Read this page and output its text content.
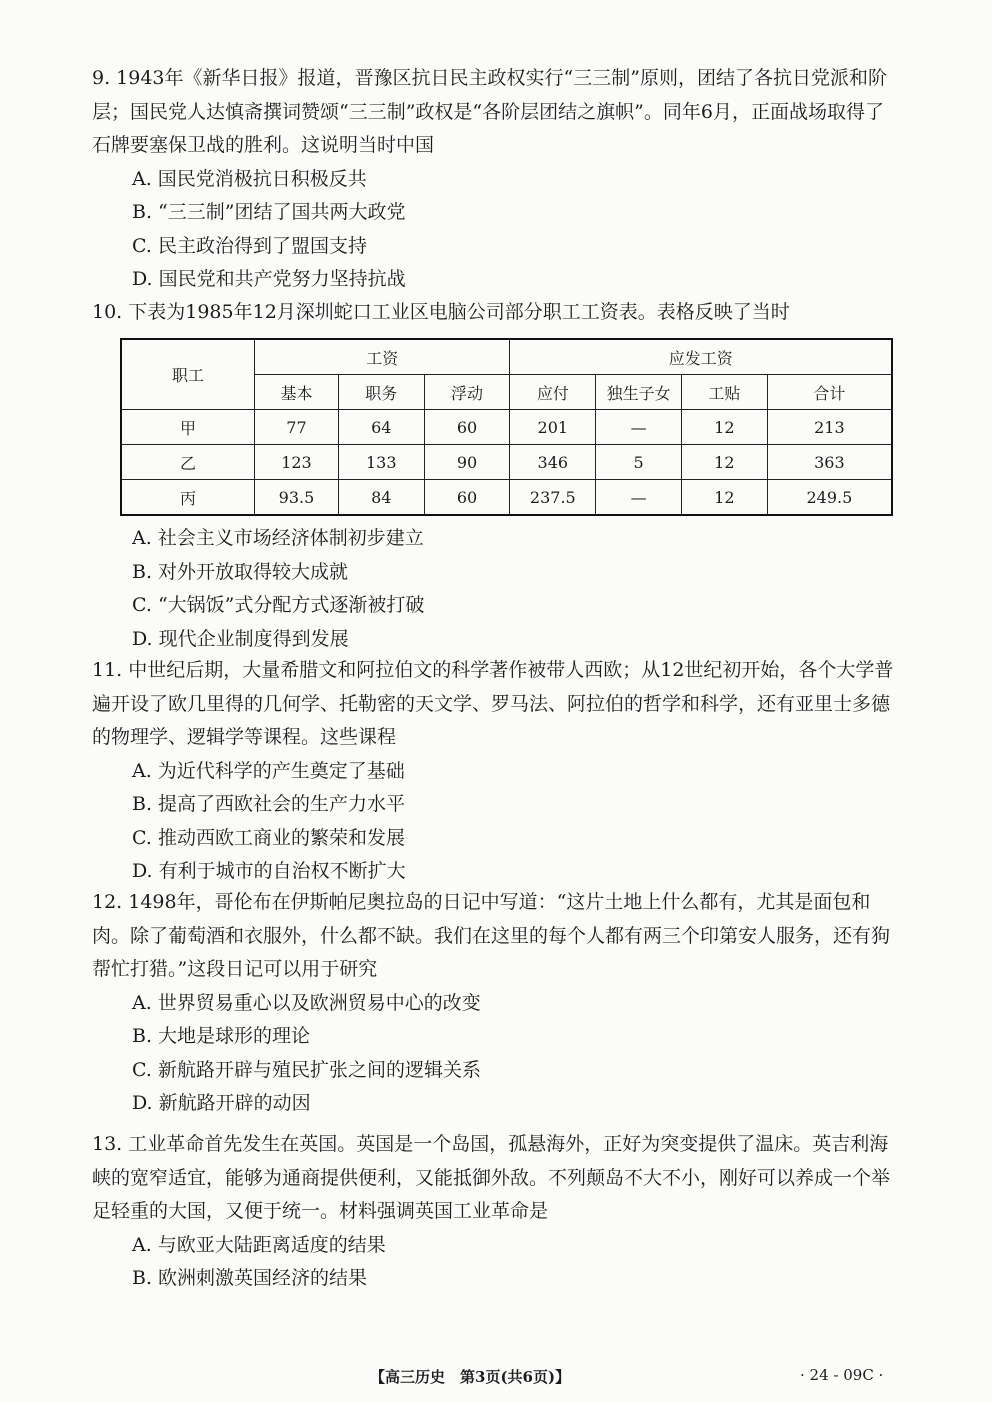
9. 1943年《新华日报》报道，晋豫区抗日民主政权实行“三三制”原则，团结了各抗日党派和阶层；国民党人达慎斋撰词赞颂“三三制”政权是“各阶层团结之旗帜”。同年6月，正面战场取得了石牌要塞保卫战的胜利。这说明当时中国

A. 国民党消极抗日积极反共

B. “三三制”团结了国共两大政党

C. 民主政治得到了盟国支持

D. 国民党和共产党努力坚持抗战

10. 下表为1985年12月深圳蛇口工业区电脑公司部分职工工资表。表格反映了当时

职工	工资			应发工资			
	基本	职务	浮动	应付	独生子女	工贴	合计
甲	77	64	60	201	—	12	213
乙	123	133	90	346	5	12	363
丙	93.5	84	60	237.5	—	12	249.5

A. 社会主义市场经济体制初步建立

B. 对外开放取得较大成就

C. “大锅饭”式分配方式逐渐被打破

D. 现代企业制度得到发展

11. 中世纪后期，大量希腊文和阿拉伯文的科学著作被带人西欧；从12世纪初开始，各个大学普遍开设了欧几里得的几何学、托勒密的天文学、罗马法、阿拉伯的哲学和科学，还有亚里士多德的物理学、逻辑学等课程。这些课程

A. 为近代科学的产生奠定了基础

B. 提高了西欧社会的生产力水平

C. 推动西欧工商业的繁荣和发展

D. 有利于城市的自治权不断扩大

12. 1498年，哥伦布在伊斯帕尼奥拉岛的日记中写道：“这片土地上什么都有，尤其是面包和肉。除了葡萄酒和衣服外，什么都不缺。我们在这里的每个人都有两三个印第安人服务，还有狗帮忙打猎。”这段日记可以用于研究

A. 世界贸易重心以及欧洲贸易中心的改变

B. 大地是球形的理论

C. 新航路开辟与殖民扩张之间的逻辑关系

D. 新航路开辟的动因

13. 工业革命首先发生在英国。英国是一个岛国，孤悬海外，正好为突变提供了温床。英吉利海峡的宽窄适宜，能够为通商提供便利，又能抵御外敌。不列颠岛不大不小，刚好可以养成一个举足轻重的大国，又便于统一。材料强调英国工业革命是

A. 与欧亚大陆距离适度的结果

B. 欧洲刺激英国经济的结果

【高三历史　第3页(共6页)】	· 24 - 09C ·
